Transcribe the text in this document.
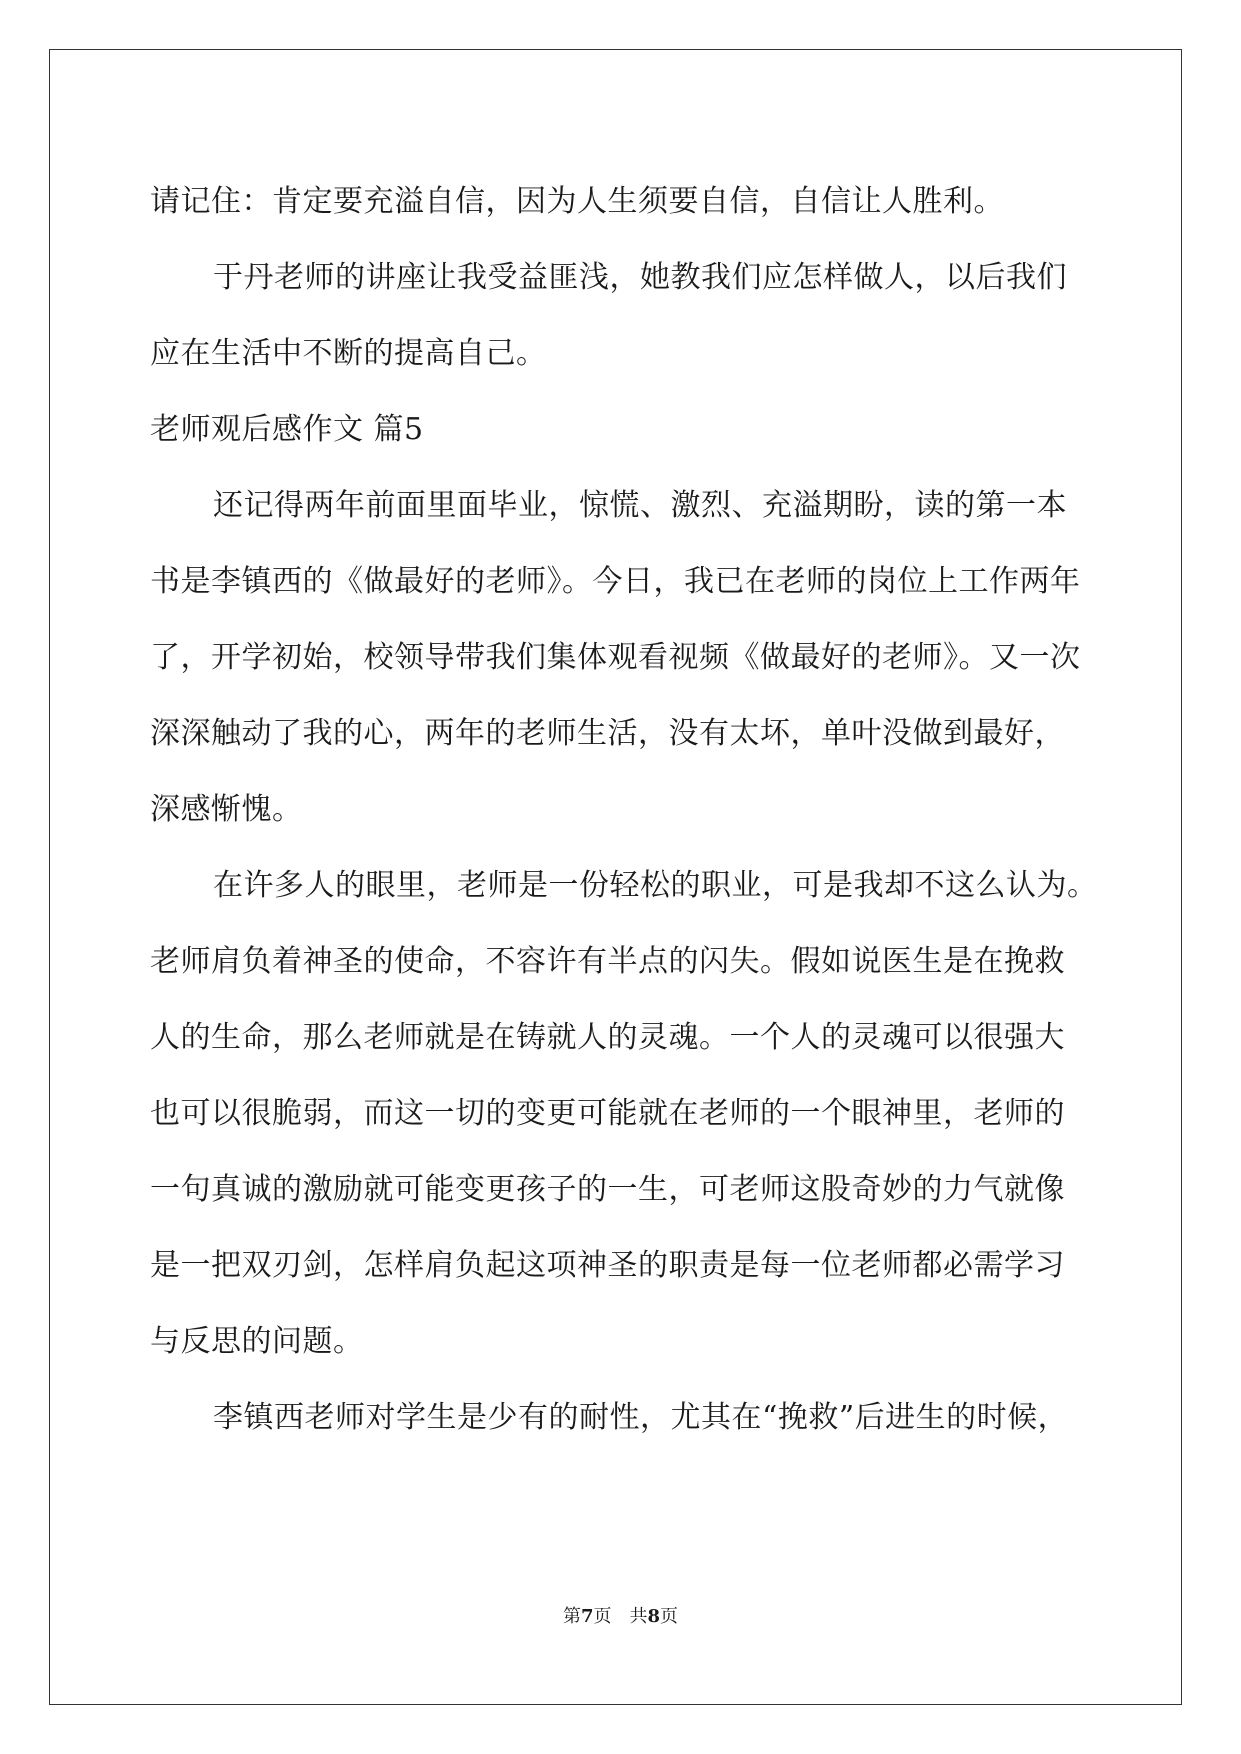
请记住：肯定要充溢自信，因为人生须要自信，自信让人胜利。
于丹老师的讲座让我受益匪浅，她教我们应怎样做人，以后我们
应在生活中不断的提高自己。
老师观后感作文 篇5
还记得两年前面里面毕业，惊慌、激烈、充溢期盼，读的第一本
书是李镇西的《做最好的老师》。今日，我已在老师的岗位上工作两年
了，开学初始，校领导带我们集体观看视频《做最好的老师》。又一次
深深触动了我的心，两年的老师生活，没有太坏，单叶没做到最好，
深感惭愧。
在许多人的眼里，老师是一份轻松的职业，可是我却不这么认为。
老师肩负着神圣的使命，不容许有半点的闪失。假如说医生是在挽救
人的生命，那么老师就是在铸就人的灵魂。一个人的灵魂可以很强大
也可以很脆弱，而这一切的变更可能就在老师的一个眼神里，老师的
一句真诚的激励就可能变更孩子的一生，可老师这股奇妙的力气就像
是一把双刃剑，怎样肩负起这项神圣的职责是每一位老师都必需学习
与反思的问题。
李镇西老师对学生是少有的耐性，尤其在“挽救”后进生的时候，
第7页　共8页
